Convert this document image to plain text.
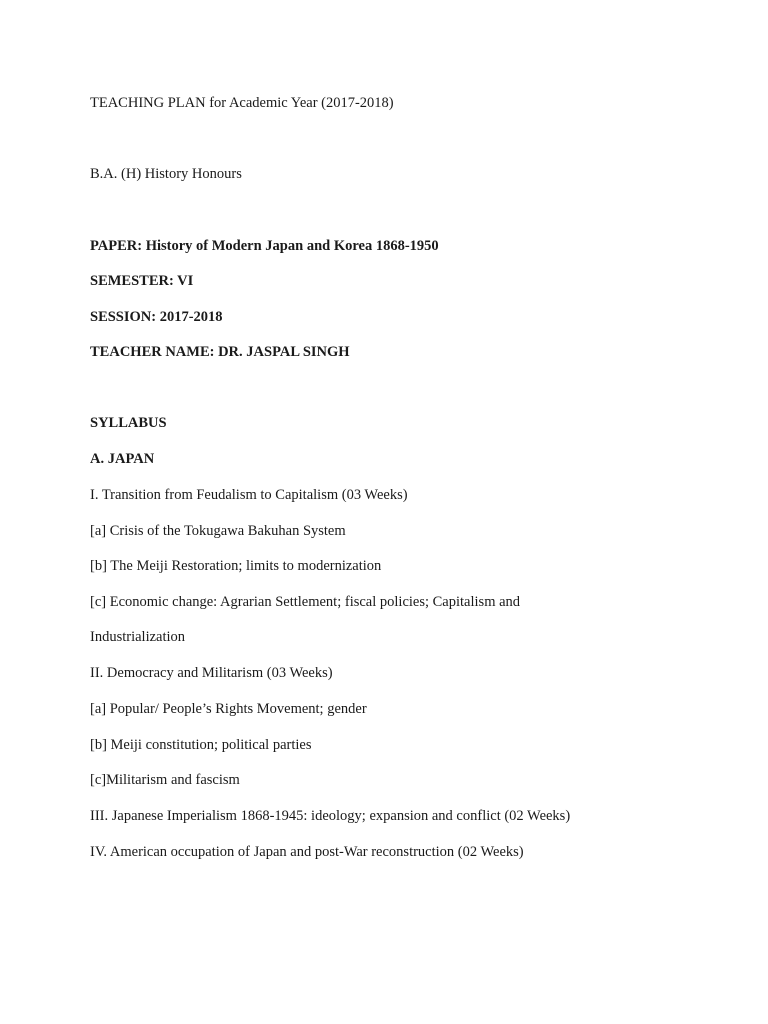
TEACHING PLAN for Academic Year (2017-2018)
B.A. (H) History Honours
PAPER: History of Modern Japan and Korea 1868-1950
SEMESTER: VI
SESSION: 2017-2018
TEACHER NAME: DR. JASPAL SINGH
SYLLABUS
A. JAPAN
I. Transition from Feudalism to Capitalism (03 Weeks)
[a] Crisis of the Tokugawa Bakuhan System
[b] The Meiji Restoration; limits to modernization
[c] Economic change: Agrarian Settlement; fiscal policies; Capitalism and
Industrialization
II. Democracy and Militarism (03 Weeks)
[a] Popular/ People’s Rights Movement; gender
[b] Meiji constitution; political parties
[c]Militarism and fascism
III. Japanese Imperialism 1868-1945: ideology; expansion and conflict (02 Weeks)
IV. American occupation of Japan and post-War reconstruction (02 Weeks)
